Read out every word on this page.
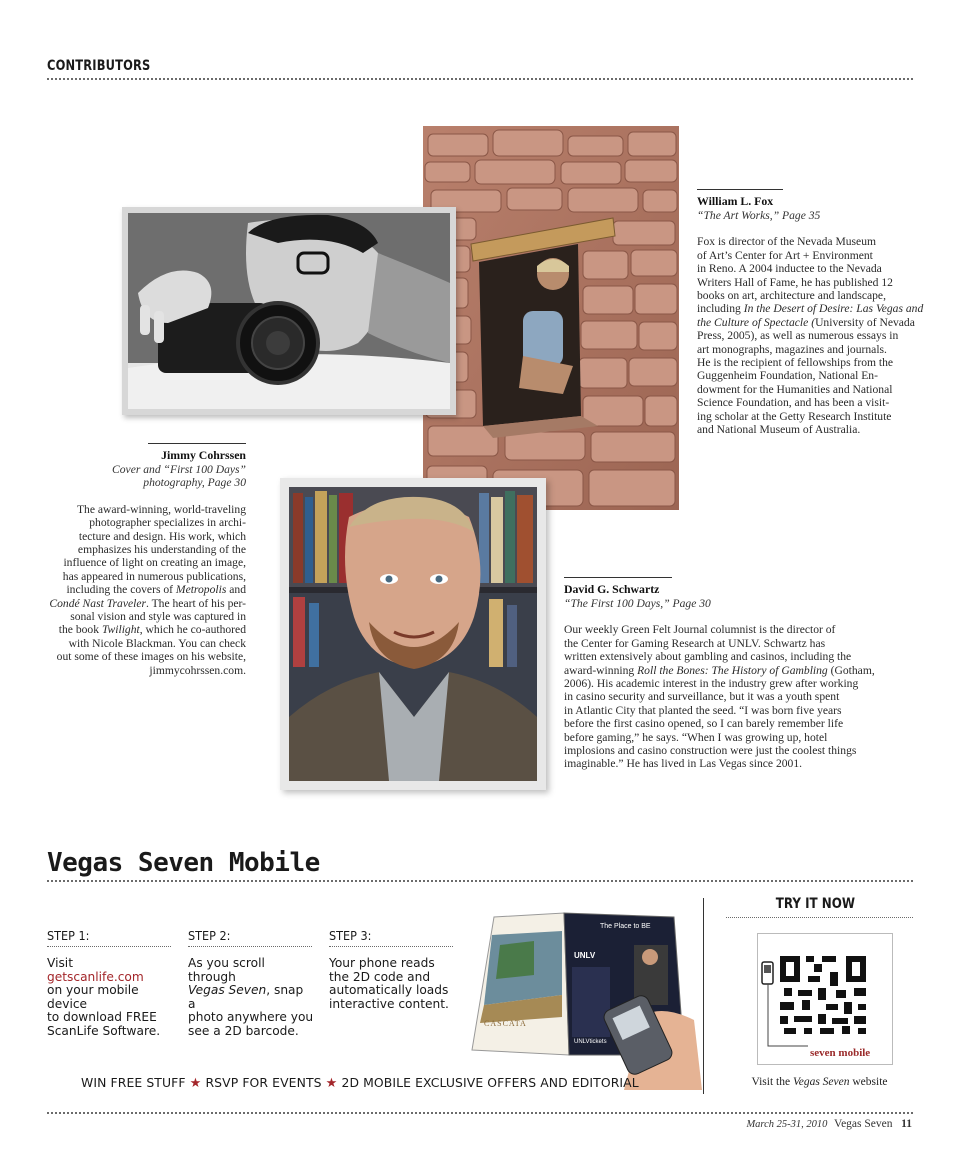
CONTRIBUTORS
William L. Fox
“The Art Works,” Page 35
Fox is director of the Nevada Museum
of Art’s Center for Art + Environment
in Reno. A 2004 inductee to the Nevada
Writers Hall of Fame, he has published 12
books on art, architecture and landscape,
including In the Desert of Desire: Las Vegas and
the Culture of Spectacle (University of Nevada
Press, 2005), as well as numerous essays in
art monographs, magazines and journals.
He is the recipient of fellowships from the
Guggenheim Foundation, National En-
dowment for the Humanities and National
Science Foundation, and has been a visit-
ing scholar at the Getty Research Institute
and National Museum of Australia.
Jimmy Cohrssen
Cover and “First 100 Days”
photography, Page 30
The award-winning, world-traveling
photographer specializes in archi-
tecture and design. His work, which
emphasizes his understanding of the
influence of light on creating an image,
has appeared in numerous publications,
including the covers of Metropolis and
Condé Nast Traveler. The heart of his per-
sonal vision and style was captured in
the book Twilight, which he co-authored
with Nicole Blackman. You can check
out some of these images on his website,
jimmycohrssen.com.
David G. Schwartz
“The First 100 Days,” Page 30
Our weekly Green Felt Journal columnist is the director of
the Center for Gaming Research at UNLV. Schwartz has
written extensively about gambling and casinos, including the
award-winning Roll the Bones: The History of Gambling (Gotham,
2006). His academic interest in the industry grew after working
in casino security and surveillance, but it was a youth spent
in Atlantic City that planted the seed. “I was born five years
before the first casino opened, so I can barely remember life
before gaming,” he says. “When I was growing up, hotel
implosions and casino construction were just the coolest things
imaginable.” He has lived in Las Vegas since 2001.
Vegas Seven Mobile
STEP 1:
Visit getscanlife.com
on your mobile device
to download FREE
ScanLife Software.
STEP 2:
As you scroll through
Vegas Seven, snap a
photo anywhere you
see a 2D barcode.
STEP 3:
Your phone reads
the 2D code and
automatically loads
interactive content.
CASCATA
The Place to BE
UNLV
UNLVtickets
TRY IT NOW
seven mobile
Visit the Vegas Seven website
WIN FREE STUFF ★ RSVP FOR EVENTS ★ 2D MOBILE EXCLUSIVE OFFERS AND EDITORIAL
March 25-31, 2010 Vegas Seven 11
